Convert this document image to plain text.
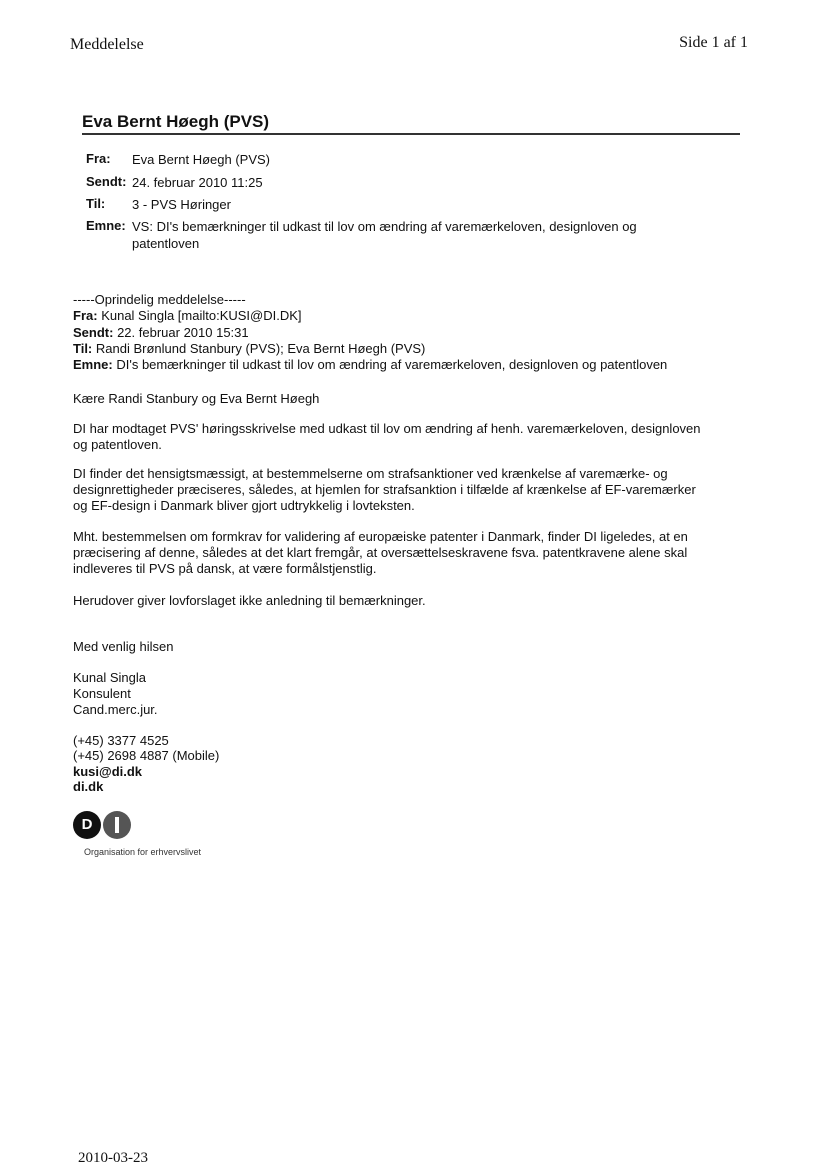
Meddelelse	Side 1 af 1
Eva Bernt Høegh (PVS)
Fra:	Eva Bernt Høegh (PVS)
Sendt: 24. februar 2010 11:25
Til:	3 - PVS Høringer
Emne: VS: DI's bemærkninger til udkast til lov om ændring af varemærkeloven, designloven og
patentloven
-----Oprindelig meddelelse-----
Fra: Kunal Singla [mailto:KUSI@DI.DK]
Sendt: 22. februar 2010 15:31
Til: Randi Brønlund Stanbury (PVS); Eva Bernt Høegh (PVS)
Emne: DI's bemærkninger til udkast til lov om ændring af varemærkeloven, designloven og patentloven
Kære Randi Stanbury og Eva Bernt Høegh
DI har modtaget PVS' høringsskrivelse med udkast til lov om ændring af henh. varemærkeloven, designloven
og patentloven.
DI finder det hensigtsmæssigt, at bestemmelserne om strafsanktioner ved krænkelse af varemærke- og
designrettigheder præciseres, således, at hjemlen for strafsanktion i tilfælde af krænkelse af EF-varemærker
og EF-design i Danmark bliver gjort udtrykkelig i lovteksten.
Mht. bestemmelsen om formkrav for validering af europæiske patenter i Danmark, finder DI ligeledes, at en
præcisering af denne, således at det klart fremgår, at oversættelseskravene fsva. patentkravene alene skal
indleveres til PVS på dansk, at være formålstjenstlig.
Herudover giver lovforslaget ikke anledning til bemærkninger.
Med venlig hilsen
Kunal Singla
Konsulent
Cand.merc.jur.
(+45) 3377 4525
(+45) 2698 4887 (Mobile)
kusi@di.dk
di.dk
D
Organisation for erhvervslivet
2010-03-23
